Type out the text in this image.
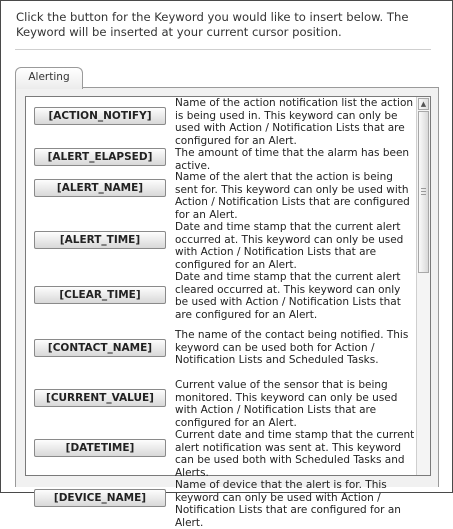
Click the button for the Keyword you would like to insert below. The Keyword will be inserted at your current cursor position.
Alerting
[ACTION_NOTIFY]
Name of the action notification list the action is being used in. This keyword can only be used with Action / Notification Lists that are configured for an Alert.
[ALERT_ELAPSED]	The amount of time that the alarm has been active.
[ALERT_NAME]
Name of the alert that the action is being sent for. This keyword can only be used with Action / Notification Lists that are configured for an Alert.
[ALERT_TIME]
Date and time stamp that the current alert occurred at. This keyword can only be used with Action / Notification Lists that are configured for an Alert.
[CLEAR_TIME]
Date and time stamp that the current alert cleared occurred at. This keyword can only be used with Action / Notification Lists that are configured for an Alert.
[CONTACT_NAME]
The name of the contact being notified. This keyword can be used both for Action / Notification Lists and Scheduled Tasks.
[CURRENT_VALUE]
Current value of the sensor that is being monitored. This keyword can only be used with Action / Notification Lists that are configured for an Alert.
[DATETIME]
Current date and time stamp that the current alert notification was sent at. This keyword can be used both with Scheduled Tasks and Alerts.
[DEVICE_NAME]
Name of device that the alert is for. This keyword can only be used with Action / Notification Lists that are configured for an Alert.
▲
